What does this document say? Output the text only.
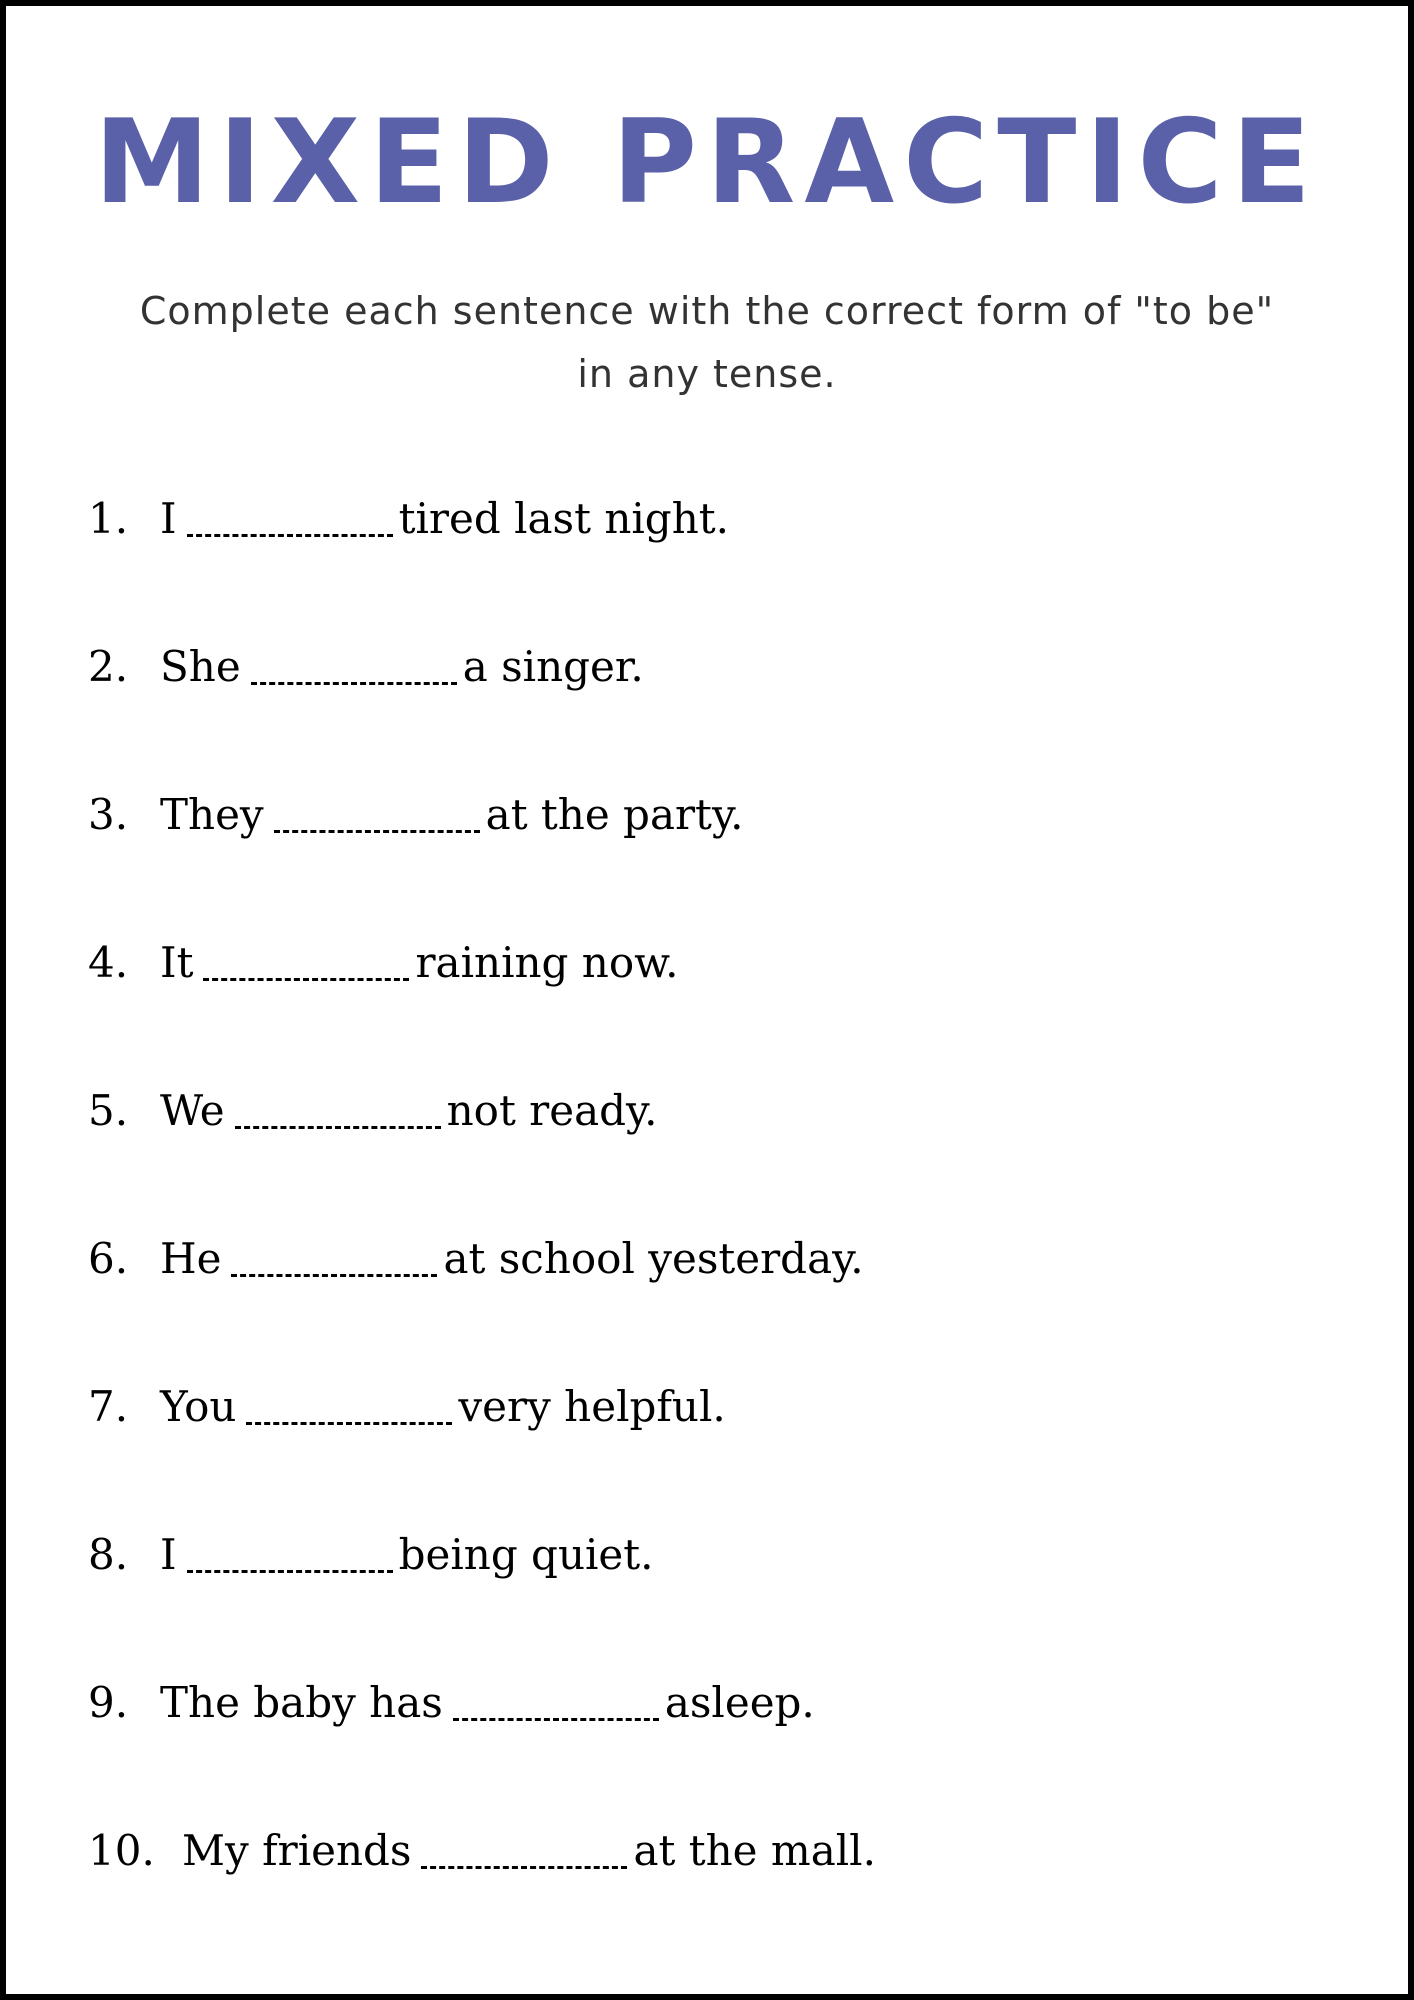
MIXED PRACTICE
Complete each sentence with the correct form of "to be"
in any tense.
1. I	tired last night.
2. She	a singer.
3. They	at the party.
4. It	raining now.
5. We	not ready.
6. He	at school yesterday.
7. You	very helpful.
8. I	being quiet.
9. The baby has	asleep.
10. My friends	at the mall.
